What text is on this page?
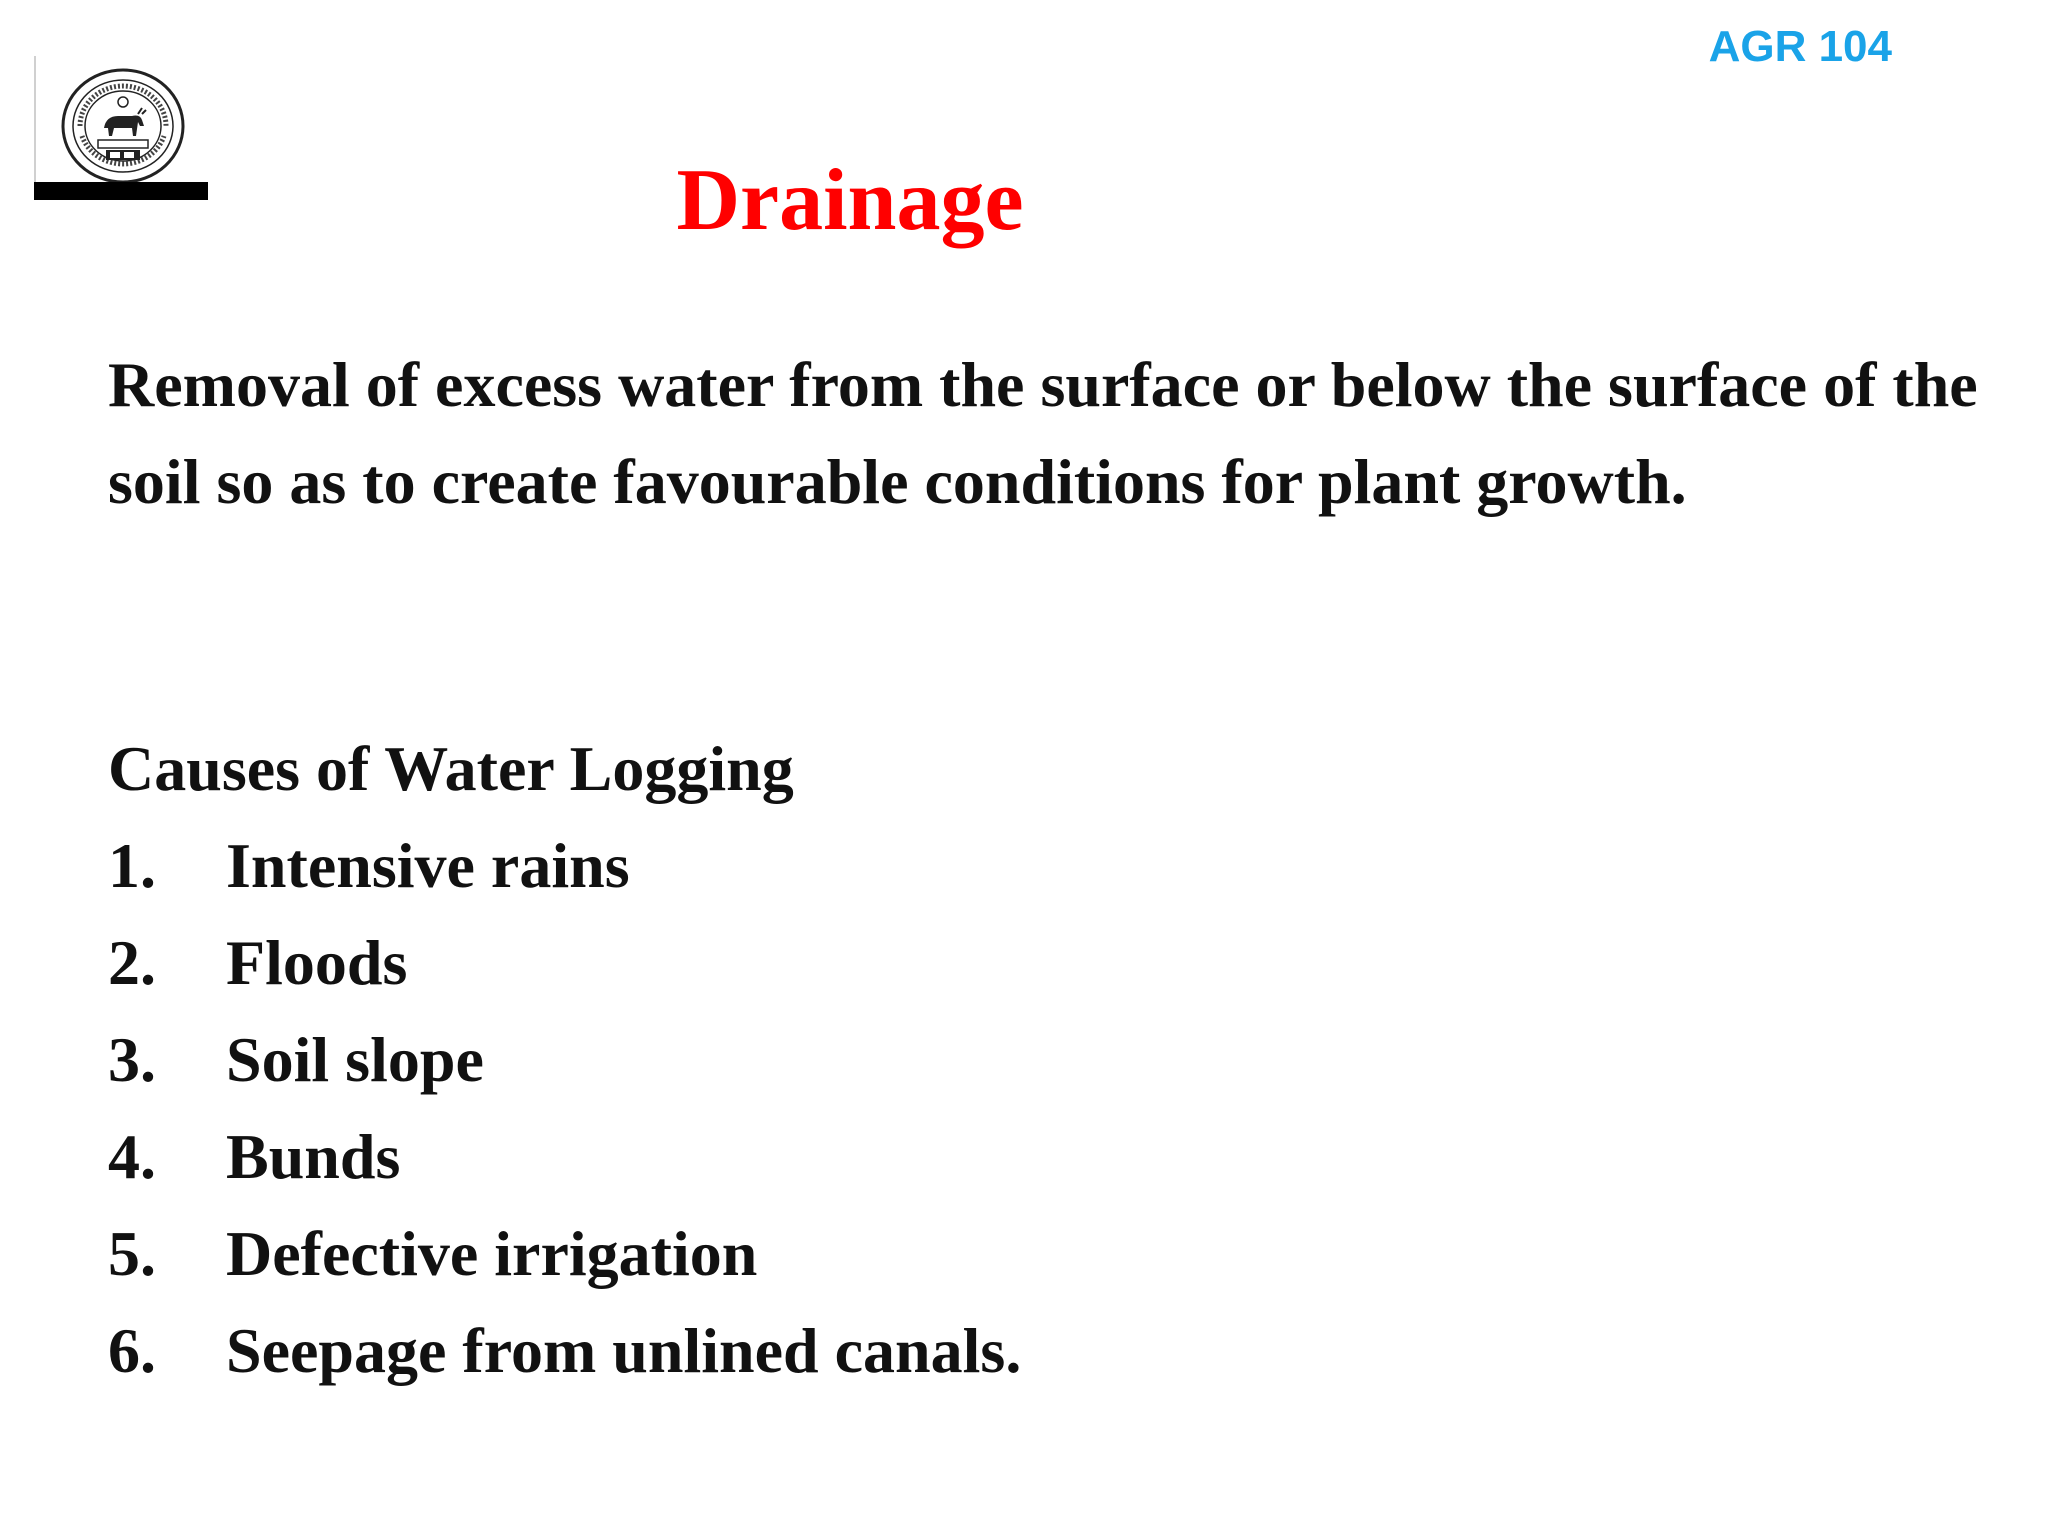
AGR 104
Drainage

Removal of excess water from the surface or below the surface of the soil so as to create favourable conditions for plant growth.

Causes of Water Logging
1.	Intensive rains
2.	Floods
3.	Soil slope
4.	Bunds
5.	Defective irrigation
6.	Seepage from unlined canals.
